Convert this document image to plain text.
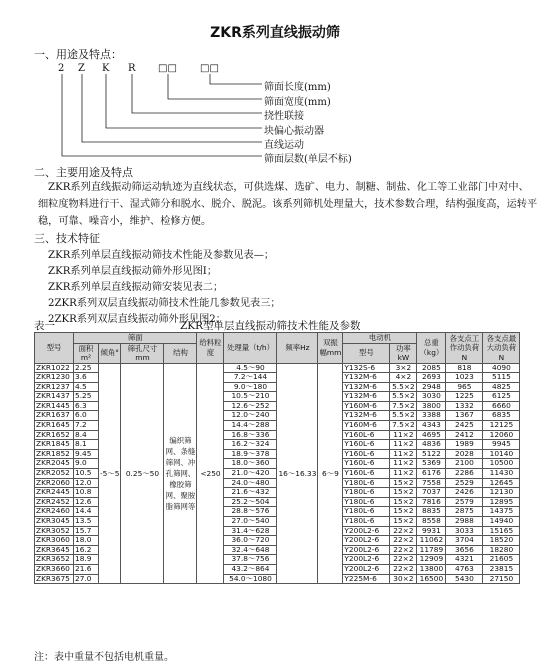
ZKR系列直线振动筛
一、用途及特点：
2 Z K R □□ □□
筛面长度(mm)
筛面宽度(mm)
挠性联接
块偏心振动器
直线运动
筛面层数(单层不标)
二、主要用途及特点
ZKR系列直线振动筛运动轨迹为直线状态，可供选煤、选矿、电力、制糖、制盐、化工等工业部门中对中、细粒度物料进行干、湿式筛分和脱水、脱介、脱泥。该系列筛机处理量大，技术参数合理，结构强度高，运转平稳，可靠、噪音小，维护、检修方便。
三、技术特征
ZKR系列单层直线振动筛技术性能及参数见表—；
ZKR系列单层直线振动筛外形见图Ⅰ；
ZKR系列单层直线振动筛安装见表二；
2ZKR系列双层直线振动筛技术性能几参数见表三；
2ZKR系列双层直线振动筛外形见图2；
表一	ZKR型单层直线振动筛技术性能及参数
型号	筛面				给料粒度	处理量（t/h）	频率Hz	双振幅mm	电动机		总重（kg）	各支点工作动负荷N	各支点最大动负荷N
	面积m²	倾角°	筛孔尺寸mm	结构					型号	功率kW			
ZKR1022	2.25	-5～5	0.25～50	编织筛网、条缝筛网、冲孔筛网、橡胶筛网、聚胺脂筛网等	<250	4.5～90	16～16.33	6～9	Y132S-6	3×2	2085	818	4090
ZKR1230	3.6					7.2～144			Y132M-6	4×2	2693	1023	5115
ZKR1237	4.5					9.0～180			Y132M-6	5.5×2	2948	965	4825
ZKR1437	5.25					10.5～210			Y132M-6	5.5×2	3030	1225	6125
ZKR1445	6.3					12.6～252			Y160M-6	7.5×2	3800	1332	6660
ZKR1637	6.0					12.0～240			Y132M-6	5.5×2	3388	1367	6835
ZKR1645	7.2					14.4～288			Y160M-6	7.5×2	4343	2425	12125
ZKR1652	8.4					16.8～336			Y160L-6	11×2	4695	2412	12060
ZKR1845	8.1					16.2～324			Y160L-6	11×2	4836	1989	9945
ZKR1852	9.45					18.9～378			Y160L-6	11×2	5122	2028	10140
ZKR2045	9.0					18.0～360			Y160L-6	11×2	5369	2100	10500
ZKR2052	10.5					21.0～420			Y160L-6	11×2	6176	2286	11430
ZKR2060	12.0					24.0～480			Y180L-6	15×2	7558	2529	12645
ZKR2445	10.8					21.6～432			Y180L-6	15×2	7037	2426	12130
ZKR2452	12.6					25.2～504			Y180L-6	15×2	7816	2579	12895
ZKR2460	14.4					28.8～576			Y180L-6	15×2	8835	2875	14375
ZKR3045	13.5					27.0～540			Y180L-6	15×2	8558	2988	14940
ZKR3052	15.7					31.4～628			Y200L2-6	22×2	9931	3033	15165
ZKR3060	18.0					36.0～720			Y200L2-6	22×2	11062	3704	18520
ZKR3645	16.2					32.4～648			Y200L2-6	22×2	11789	3656	18280
ZKR3652	18.9					37.8～756			Y200L2-6	22×2	12909	4321	21605
ZKR3660	21.6					43.2～864			Y200L2-6	22×2	13800	4763	23815
ZKR3675	27.0					54.0～1080			Y225M-6	30×2	16500	5430	27150
注：表中重量不包括电机重量。
